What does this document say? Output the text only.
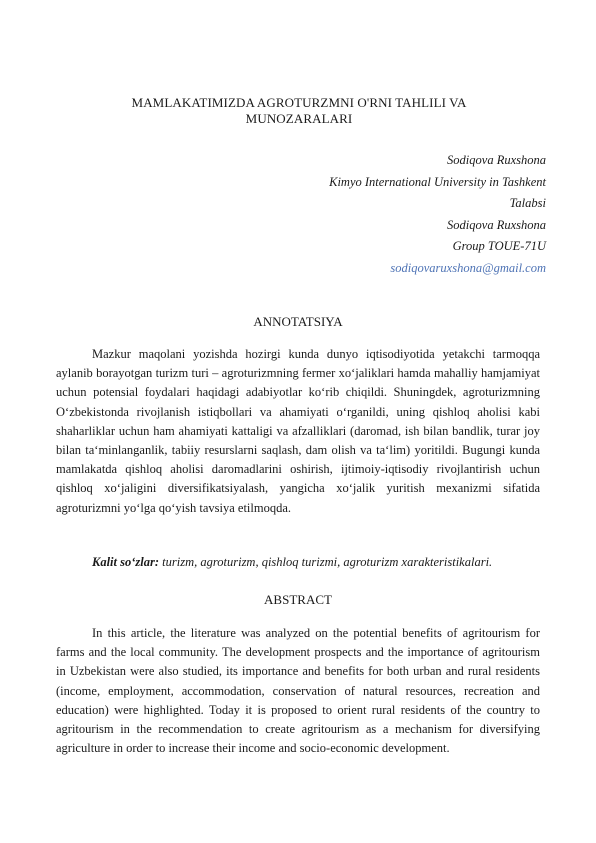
MAMLAKATIMIZDA AGROTURZMNI O'RNI TAHLILI VA
MUNOZARALARI
Sodiqova Ruxshona
Kimyo International University in Tashkent
Talabsi
Sodiqova Ruxshona
Group TOUE-71U
sodiqovaruxshona@gmail.com
ANNOTATSIYA
Mazkur maqolani yozishda hozirgi kunda dunyo iqtisodiyotida yetakchi tarmoqqa aylanib borayotgan turizm turi – agroturizmning fermer xo‘jaliklari hamda mahalliy hamjamiyat uchun potensial foydalari haqidagi adabiyotlar ko‘rib chiqildi. Shuningdek, agroturizmning O‘zbekistonda rivojlanish istiqbollari va ahamiyati o‘rganildi, uning qishloq aholisi kabi shaharliklar uchun ham ahamiyati kattaligi va afzalliklari (daromad, ish bilan bandlik, turar joy bilan ta‘minlanganlik, tabiiy resurslarni saqlash, dam olish va ta‘lim) yoritildi. Bugungi kunda mamlakatda qishloq aholisi daromadlarini oshirish, ijtimoiy-iqtisodiy rivojlantirish uchun qishloq xo‘jaligini diversifikatsiyalash, yangicha xo‘jalik yuritish mexanizmi sifatida agroturizmni yo‘lga qo‘yish tavsiya etilmoqda.
Kalit so‘zlar: turizm, agroturizm, qishloq turizmi, agroturizm xarakteristikalari.
ABSTRACT
In this article, the literature was analyzed on the potential benefits of agritourism for farms and the local community. The development prospects and the importance of agritourism in Uzbekistan were also studied, its importance and benefits for both urban and rural residents (income, employment, accommodation, conservation of natural resources, recreation and education) were highlighted. Today it is proposed to orient rural residents of the country to agritourism in the recommendation to create agritourism as a mechanism for diversifying agriculture in order to increase their income and socio-economic development.
